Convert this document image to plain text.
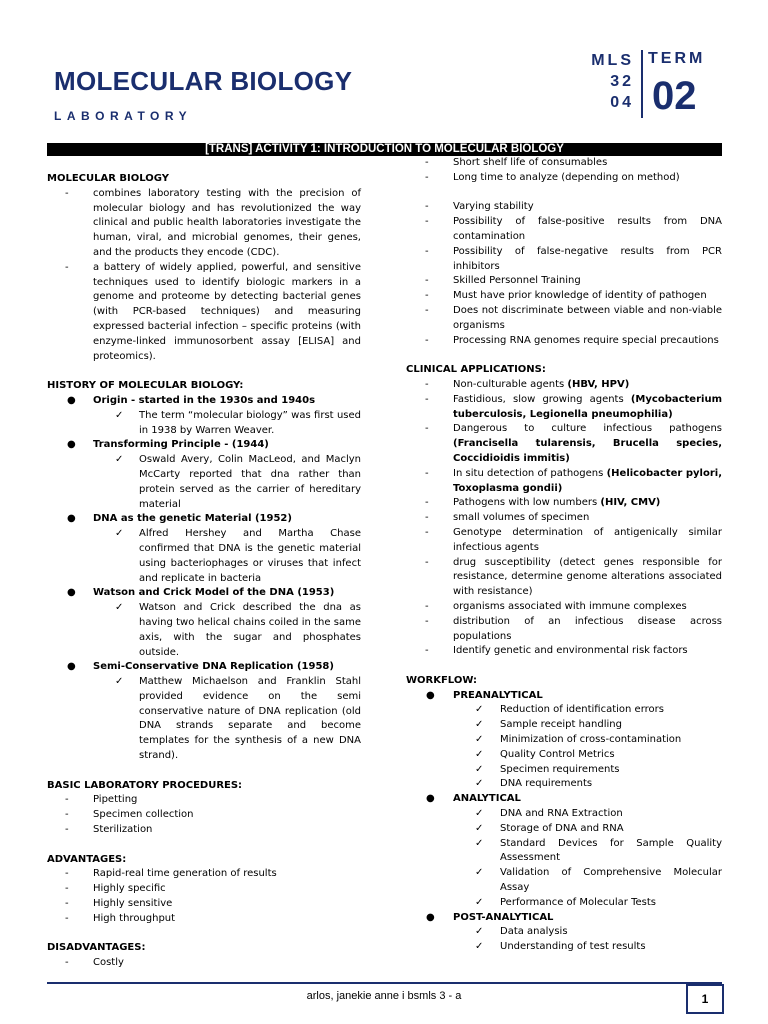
MOLECULAR BIOLOGY
LABORATORY
MLS
32
04
TERM
02
[TRANS] ACTIVITY 1: INTRODUCTION TO MOLECULAR BIOLOGY
MOLECULAR BIOLOGY
- combines laboratory testing with the precision of molecular biology and has revolutionized the way clinical and public health laboratories investigate the human, viral, and microbial genomes, their genes, and the products they encode (CDC).
- a battery of widely applied, powerful, and sensitive techniques used to identify biologic markers in a genome and proteome by detecting bacterial genes (with PCR-based techniques) and measuring expressed bacterial infection – specific proteins (with enzyme-linked immunosorbent assay [ELISA] and proteomics).
HISTORY OF MOLECULAR BIOLOGY:
● Origin - started in the 1930s and 1940s
✓ The term “molecular biology” was first used in 1938 by Warren Weaver.
● Transforming Principle - (1944)
✓ Oswald Avery, Colin MacLeod, and Maclyn McCarty reported that dna rather than protein served as the carrier of hereditary material
● DNA as the genetic Material (1952)
✓ Alfred Hershey and Martha Chase confirmed that DNA is the genetic material using bacteriophages or viruses that infect and replicate in bacteria
● Watson and Crick Model of the DNA (1953)
✓ Watson and Crick described the dna as having two helical chains coiled in the same axis, with the sugar and phosphates outside.
● Semi-Conservative DNA Replication (1958)
✓ Matthew Michaelson and Franklin Stahl provided evidence on the semi conservative nature of DNA replication (old DNA strands separate and become templates for the synthesis of a new DNA strand).
BASIC LABORATORY PROCEDURES:
- Pipetting
- Specimen collection
- Sterilization
ADVANTAGES:
- Rapid-real time generation of results
- Highly specific
- Highly sensitive
- High throughput
DISADVANTAGES:
- Costly
- Short shelf life of consumables
- Long time to analyze (depending on method)
- Varying stability
- Possibility of false-positive results from DNA contamination
- Possibility of false-negative results from PCR inhibitors
- Skilled Personnel Training
- Must have prior knowledge of identity of pathogen
- Does not discriminate between viable and non-viable organisms
- Processing RNA genomes require special precautions
CLINICAL APPLICATIONS:
- Non-culturable agents (HBV, HPV)
- Fastidious, slow growing agents (Mycobacterium tuberculosis, Legionella pneumophilia)
- Dangerous to culture infectious pathogens (Francisella tularensis, Brucella species, Coccidioidis immitis)
- In situ detection of pathogens (Helicobacter pylori, Toxoplasma gondii)
- Pathogens with low numbers (HIV, CMV)
- small volumes of specimen
- Genotype determination of antigenically similar infectious agents
- drug susceptibility (detect genes responsible for resistance, determine genome alterations associated with resistance)
- organisms associated with immune complexes
- distribution of an infectious disease across populations
- Identify genetic and environmental risk factors
WORKFLOW:
● PREANALYTICAL
✓ Reduction of identification errors
✓ Sample receipt handling
✓ Minimization of cross-contamination
✓ Quality Control Metrics
✓ Specimen requirements
✓ DNA requirements
● ANALYTICAL
✓ DNA and RNA Extraction
✓ Storage of DNA and RNA
✓ Standard Devices for Sample Quality Assessment
✓ Validation of Comprehensive Molecular Assay
✓ Performance of Molecular Tests
● POST-ANALYTICAL
✓ Data analysis
✓ Understanding of test results
arlos, janekie anne i bsmls 3 - a	1
